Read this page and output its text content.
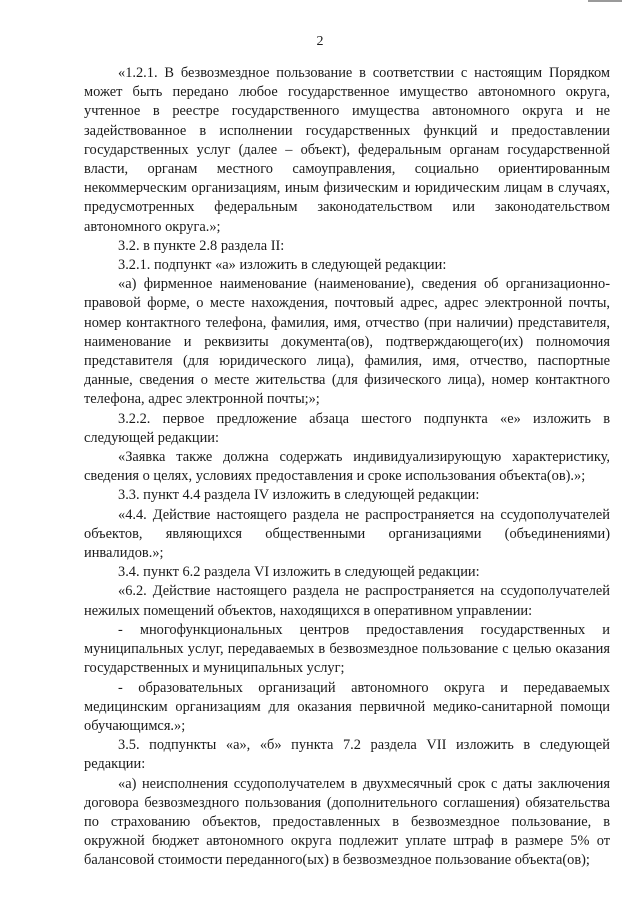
2

«1.2.1. В безвозмездное пользование в соответствии с настоящим Порядком может быть передано любое государственное имущество автономного округа, учтенное в реестре государственного имущества автономного округа и не задействованное в исполнении государственных функций и предоставлении государственных услуг (далее – объект), федеральным органам государственной власти, органам местного самоуправления, социально ориентированным некоммерческим организациям, иным физическим и юридическим лицам в случаях, предусмотренных федеральным законодательством или законодательством автономного округа.»;

3.2. в пункте 2.8 раздела II:

3.2.1. подпункт «а» изложить в следующей редакции:

«а) фирменное наименование (наименование), сведения об организационно-правовой форме, о месте нахождения, почтовый адрес, адрес электронной почты, номер контактного телефона, фамилия, имя, отчество (при наличии) представителя, наименование и реквизиты документа(ов), подтверждающего(их) полномочия представителя (для юридического лица), фамилия, имя, отчество, паспортные данные, сведения о месте жительства (для физического лица), номер контактного телефона, адрес электронной почты;»;

3.2.2. первое предложение абзаца шестого подпункта «е» изложить в следующей редакции:

«Заявка также должна содержать индивидуализирующую характеристику, сведения о целях, условиях предоставления и сроке использования объекта(ов).»;

3.3. пункт 4.4 раздела IV изложить в следующей редакции:

«4.4. Действие настоящего раздела не распространяется на ссудополучателей объектов, являющихся общественными организациями (объединениями) инвалидов.»;

3.4. пункт 6.2 раздела VI изложить в следующей редакции:

«6.2. Действие настоящего раздела не распространяется на ссудополучателей нежилых помещений объектов, находящихся в оперативном управлении:

- многофункциональных центров предоставления государственных и муниципальных услуг, передаваемых в безвозмездное пользование с целью оказания государственных и муниципальных услуг;

- образовательных организаций автономного округа и передаваемых медицинским организациям для оказания первичной медико-санитарной помощи обучающимся.»;

3.5. подпункты «а», «б» пункта 7.2 раздела VII изложить в следующей редакции:

«а) неисполнения ссудополучателем в двухмесячный срок с даты заключения договора безвозмездного пользования (дополнительного соглашения) обязательства по страхованию объектов, предоставленных в безвозмездное пользование, в окружной бюджет автономного округа подлежит уплате штраф в размере 5% от балансовой стоимости переданного(ых) в безвозмездное пользование объекта(ов);
